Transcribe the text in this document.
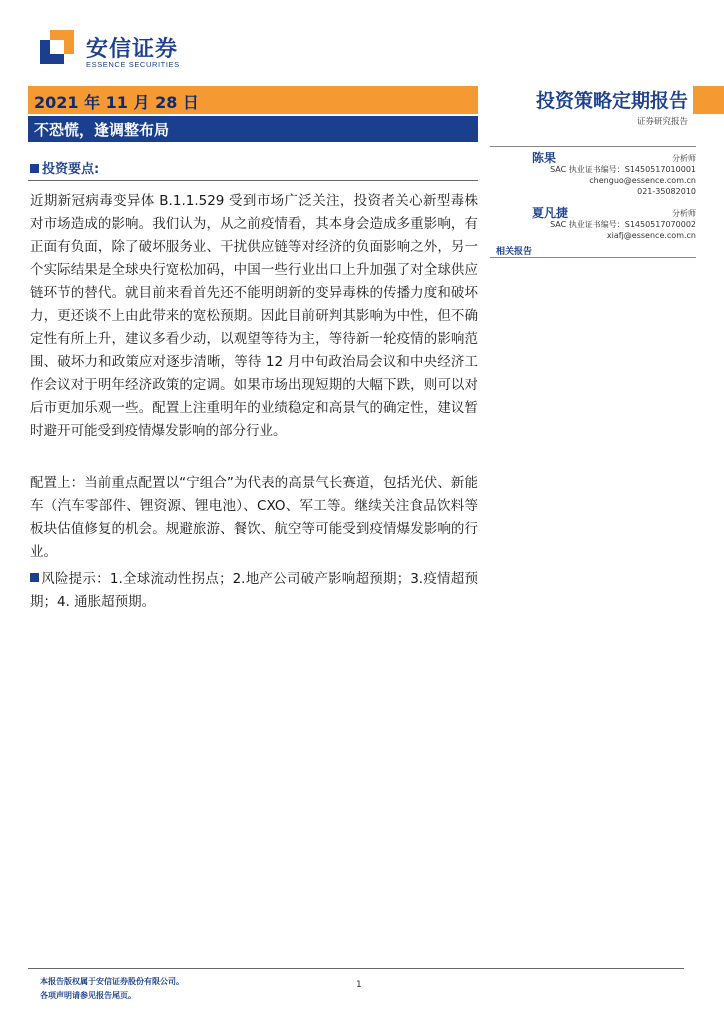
安信证券
ESSENCE SECURITIES
2021 年 11 月 28 日
不恐慌，逢调整布局
投资策略定期报告
证券研究报告
陈果	分析师
SAC 执业证书编号：S1450517010001
chenguo@essence.com.cn
021-35082010
夏凡捷	分析师
SAC 执业证书编号：S1450517070002
xiafj@essence.com.cn
相关报告
投资要点:
近期新冠病毒变异体 B.1.1.529 受到市场广泛关注，投资者关心新型毒株对市场造成的影响。我们认为，从之前疫情看，其本身会造成多重影响，有正面有负面，除了破坏服务业、干扰供应链等对经济的负面影响之外，另一个实际结果是全球央行宽松加码，中国一些行业出口上升加强了对全球供应链环节的替代。就目前来看首先还不能明朗新的变异毒株的传播力度和破坏力，更还谈不上由此带来的宽松预期。因此目前研判其影响为中性，但不确定性有所上升，建议多看少动，以观望等待为主，等待新一轮疫情的影响范围、破坏力和政策应对逐步清晰，等待 12 月中旬政治局会议和中央经济工作会议对于明年经济政策的定调。如果市场出现短期的大幅下跌，则可以对后市更加乐观一些。配置上注重明年的业绩稳定和高景气的确定性，建议暂时避开可能受到疫情爆发影响的部分行业。
配置上：当前重点配置以“宁组合”为代表的高景气长赛道，包括光伏、新能车（汽车零部件、锂资源、锂电池）、CXO、军工等。继续关注食品饮料等板块估值修复的机会。规避旅游、餐饮、航空等可能受到疫情爆发影响的行业。
风险提示：1.全球流动性拐点；2.地产公司破产影响超预期；3.疫情超预期；4. 通胀超预期。
本报告版权属于安信证券股份有限公司。
各项声明请参见报告尾页。
1
